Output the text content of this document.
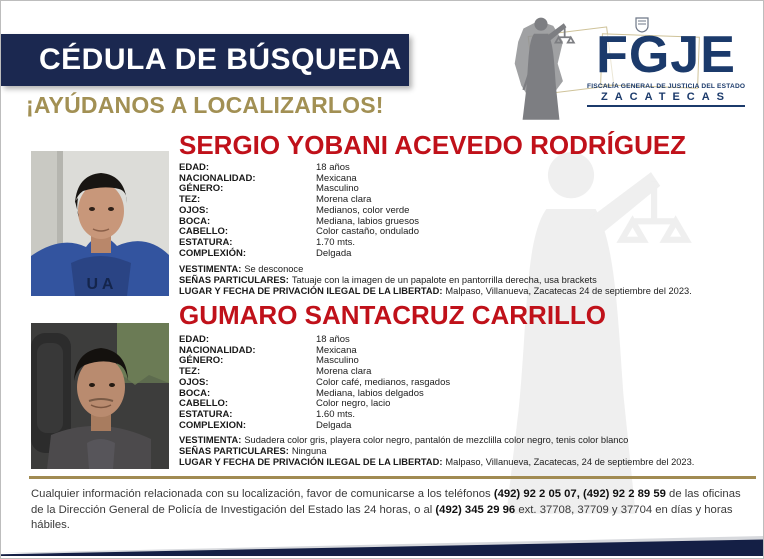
CÉDULA DE BÚSQUEDA	FGJE
FISCALÍA GENERAL DE JUSTICIA DEL ESTADO
ZACATECAS
¡AYÚDANOS A LOCALIZARLOS!
SERGIO YOBANI ACEVEDO RODRÍGUEZ
U A
EDAD:	18 años
NACIONALIDAD:	Mexicana
GÉNERO:	Masculino
TEZ:	Morena clara
OJOS:	Medianos, color verde
BOCA:	Mediana, labios gruesos
CABELLO:	Color castaño, ondulado
ESTATURA:	1.70 mts.
COMPLEXIÓN:	Delgada
VESTIMENTA: Se desconoce
SEÑAS PARTICULARES: Tatuaje con la imagen de un papalote en pantorrilla derecha, usa brackets
LUGAR Y FECHA DE PRIVACIÓN ILEGAL DE LA LIBERTAD: Malpaso, Villanueva, Zacatecas 24 de septiembre del 2023.
GUMARO SANTACRUZ CARRILLO
EDAD:	18 años
NACIONALIDAD:	Mexicana
GÉNERO:	Masculino
TEZ:	Morena clara
OJOS:	Color café, medianos, rasgados
BOCA:	Mediana, labios delgados
CABELLO:	Color negro, lacio
ESTATURA:	1.60 mts.
COMPLEXION:	Delgada
VESTIMENTA: Sudadera color gris, playera color negro, pantalón de mezclilla color negro, tenis color blanco
SEÑAS PARTICULARES: Ninguna
LUGAR Y FECHA DE PRIVACIÓN ILEGAL DE LA LIBERTAD: Malpaso, Villanueva, Zacatecas, 24 de septiembre del 2023.
Cualquier información relacionada con su localización, favor de comunicarse a los teléfonos (492) 92 2 05 07, (492) 92 2 89 59 de las oficinas de la Dirección General de Policía de Investigación del Estado las 24 horas, o al (492) 345 29 96 ext. 37708, 37709 y 37704 en días y horas hábiles.
